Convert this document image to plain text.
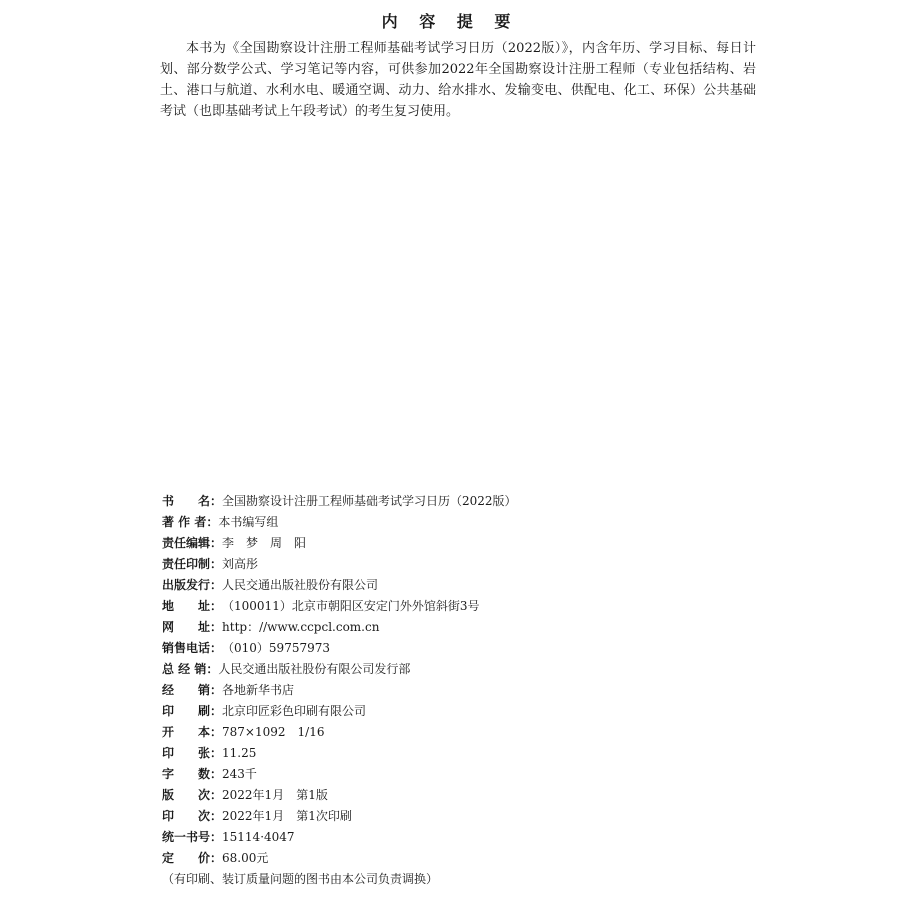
内 容 提 要
本书为《全国勘察设计注册工程师基础考试学习日历（2022版）》，内含年历、学习目标、每日计划、部分数学公式、学习笔记等内容，可供参加2022年全国勘察设计注册工程师（专业包括结构、岩土、港口与航道、水利水电、暖通空调、动力、给水排水、发输变电、供配电、化工、环保）公共基础考试（也即基础考试上午段考试）的考生复习使用。
书　　名：全国勘察设计注册工程师基础考试学习日历（2022版）
著 作 者：本书编写组
责任编辑：李　梦　周　阳
责任印制：刘高彤
出版发行：人民交通出版社股份有限公司
地　　址：（100011）北京市朝阳区安定门外外馆斜街3号
网　　址：http：//www.ccpcl.com.cn
销售电话：（010）59757973
总 经 销：人民交通出版社股份有限公司发行部
经　　销：各地新华书店
印　　刷：北京印匠彩色印刷有限公司
开　　本：787×1092　1/16
印　　张：11.25
字　　数：243千
版　　次：2022年1月　第1版
印　　次：2022年1月　第1次印刷
统一书号：15114·4047
定　　价：68.00元
（有印刷、装订质量问题的图书由本公司负责调换）
